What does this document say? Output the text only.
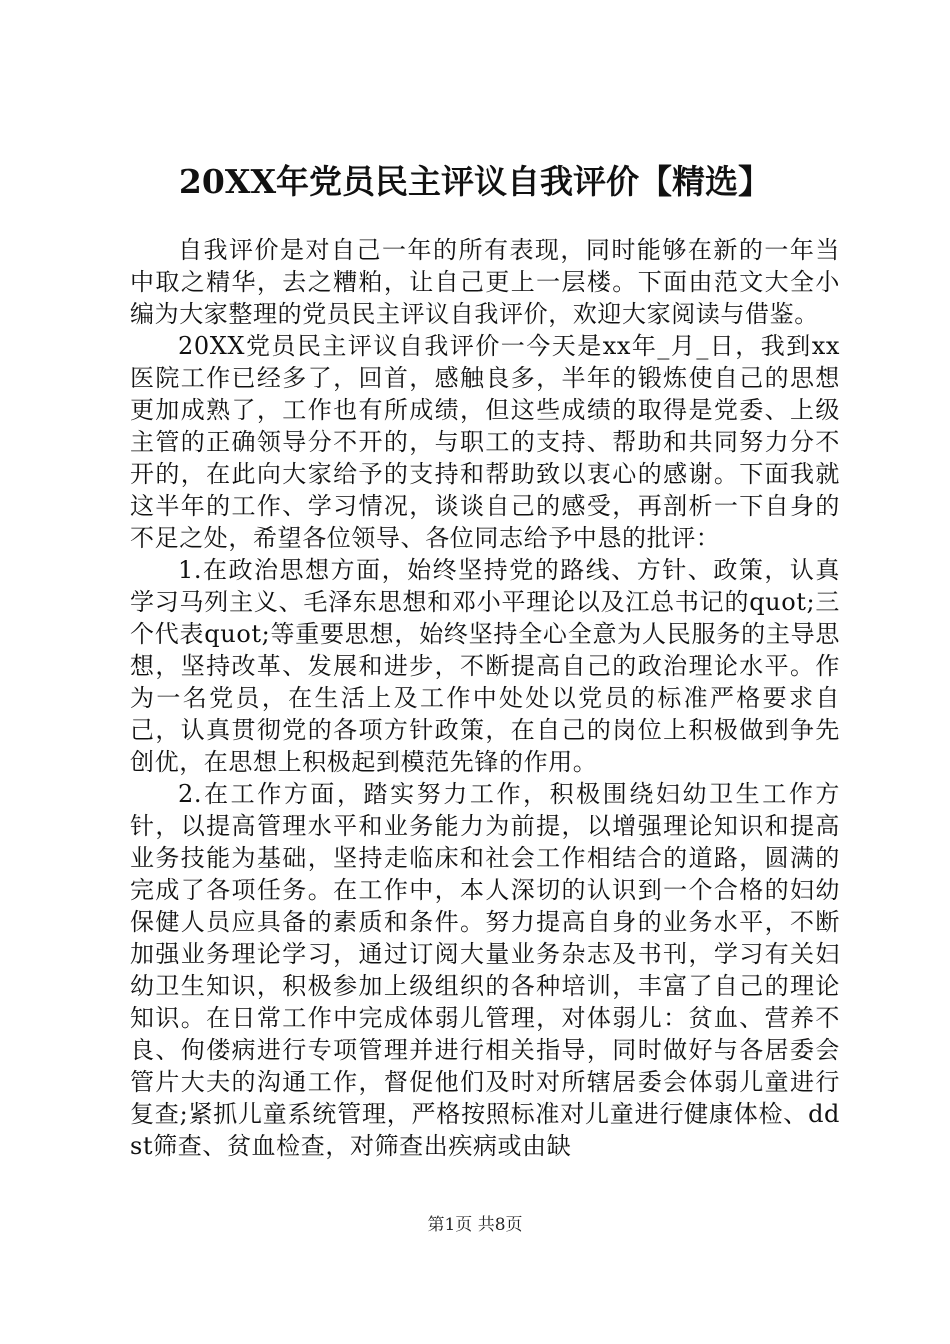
20XX年党员民主评议自我评价【精选】

自我评价是对自己一年的所有表现，同时能够在新的一年当中取之精华，去之糟粕，让自己更上一层楼。下面由范文大全小编为大家整理的党员民主评议自我评价，欢迎大家阅读与借鉴。

20XX党员民主评议自我评价一今天是xx年_月_日，我到xx医院工作已经多了，回首，感触良多，半年的锻炼使自己的思想更加成熟了，工作也有所成绩，但这些成绩的取得是党委、上级主管的正确领导分不开的，与职工的支持、帮助和共同努力分不开的，在此向大家给予的支持和帮助致以衷心的感谢。下面我就这半年的工作、学习情况，谈谈自己的感受，再剖析一下自身的不足之处，希望各位领导、各位同志给予中恳的批评：

1.在政治思想方面，始终坚持党的路线、方针、政策，认真学习马列主义、毛泽东思想和邓小平理论以及江总书记的quot;三个代表quot;等重要思想，始终坚持全心全意为人民服务的主导思想，坚持改革、发展和进步，不断提高自己的政治理论水平。作为一名党员，在生活上及工作中处处以党员的标准严格要求自己，认真贯彻党的各项方针政策，在自己的岗位上积极做到争先创优，在思想上积极起到模范先锋的作用。

2.在工作方面，踏实努力工作，积极围绕妇幼卫生工作方针，以提高管理水平和业务能力为前提，以增强理论知识和提高业务技能为基础，坚持走临床和社会工作相结合的道路，圆满的完成了各项任务。在工作中，本人深切的认识到一个合格的妇幼保健人员应具备的素质和条件。努力提高自身的业务水平，不断加强业务理论学习，通过订阅大量业务杂志及书刊，学习有关妇幼卫生知识，积极参加上级组织的各种培训，丰富了自己的理论知识。在日常工作中完成体弱儿管理，对体弱儿：贫血、营养不良、佝偻病进行专项管理并进行相关指导，同时做好与各居委会管片大夫的沟通工作，督促他们及时对所辖居委会体弱儿童进行复查;紧抓儿童系统管理，严格按照标准对儿童进行健康体检、ddst筛查、贫血检查，对筛查出疾病或由缺

第1页 共8页
